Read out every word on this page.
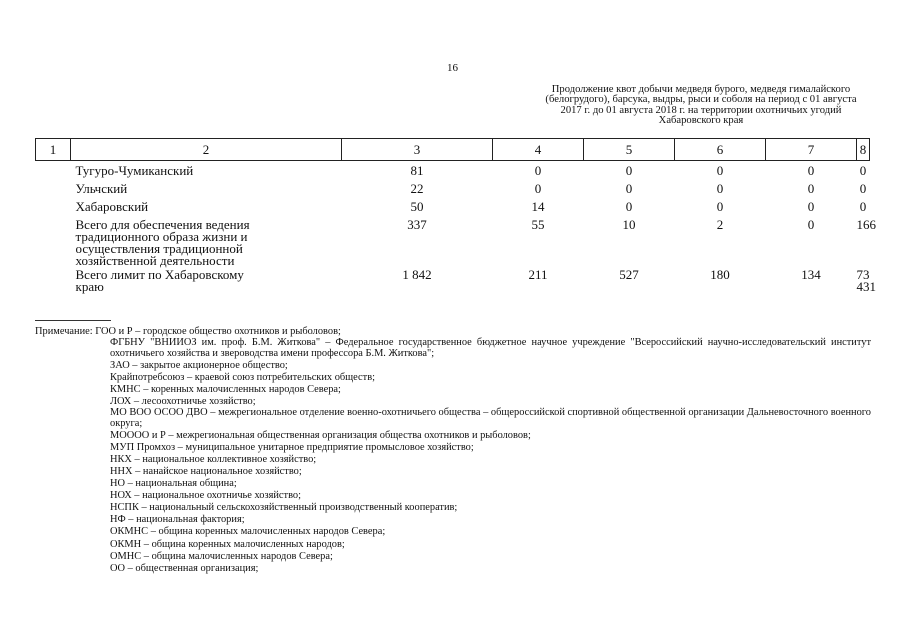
16
Продолжение квот добычи медведя бурого, медведя гималайского (белогрудого), барсука, выдры, рыси и соболя на период с 01 августа 2017 г. до 01 августа 2018 г. на территории охотничьих угодий Хабаровского края
1	2	3	4	5	6	7	8

Тугуро-Чумиканский		81	0	0	0	0	0
Ульчский		22	0	0	0	0	0
Хабаровский		50	14	0	0	0	0
Всего для обеспечения ведения традиционного образа жизни и осуществления традиционной хозяйственной деятельности		337	55	10	2	0	166
Всего лимит по Хабаровскому краю		1 842	211	527	180	134	73 431
Примечание: ГОО и Р – городское общество охотников и рыболовов;
ФГБНУ "ВНИИОЗ им. проф. Б.М. Житкова" – Федеральное государственное бюджетное научное учреждение "Всероссийский научно-исследовательский институт охотничьего хозяйства и звероводства имени профессора Б.М. Житкова";
ЗАО – закрытое акционерное общество;
Крайпотребсоюз – краевой союз потребительских обществ;
КМНС – коренных малочисленных народов Севера;
ЛОХ – лесоохотничье хозяйство;
МО ВОО ОСОО ДВО – межрегиональное отделение военно-охотничьего общества – общероссийской спортивной общественной организации Дальневосточного военного округа;
МОООО и Р – межрегиональная общественная организация общества охотников и рыболовов;
МУП Промхоз – муниципальное унитарное предприятие промысловое хозяйство;
НКХ – национальное коллективное хозяйство;
ННХ – нанайское национальное хозяйство;
НО – национальная община;
НОХ – национальное охотничье хозяйство;
НСПК – национальный сельскохозяйственный производственный кооператив;
НФ – национальная фактория;
ОКМНС – община коренных малочисленных народов Севера;
ОКМН – община коренных малочисленных народов;
ОМНС – община малочисленных народов Севера;
ОО – общественная организация;
